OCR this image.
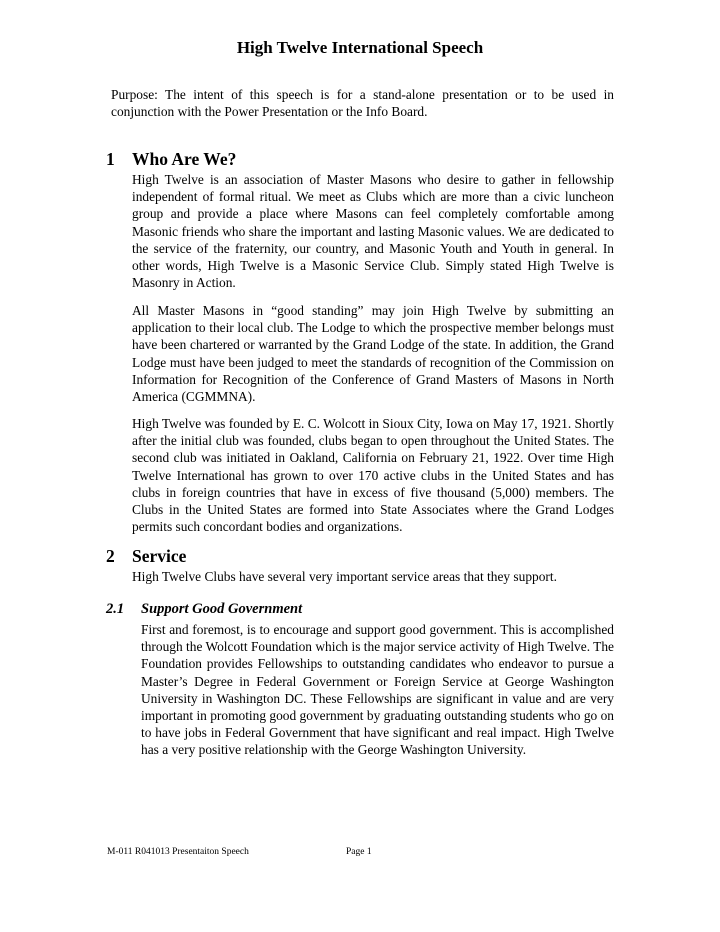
High Twelve International Speech
Purpose: The intent of this speech is for a stand-alone presentation or to be used in conjunction with the Power Presentation or the Info Board.
1 Who Are We?
High Twelve is an association of Master Masons who desire to gather in fellowship independent of formal ritual. We meet as Clubs which are more than a civic luncheon group and provide a place where Masons can feel completely comfortable among Masonic friends who share the important and lasting Masonic values. We are dedicated to the service of the fraternity, our country, and Masonic Youth and Youth in general. In other words, High Twelve is a Masonic Service Club. Simply stated High Twelve is Masonry in Action.
All Master Masons in “good standing” may join High Twelve by submitting an application to their local club. The Lodge to which the prospective member belongs must have been chartered or warranted by the Grand Lodge of the state. In addition, the Grand Lodge must have been judged to meet the standards of recognition of the Commission on Information for Recognition of the Conference of Grand Masters of Masons in North America (CGMMNA).
High Twelve was founded by E. C. Wolcott in Sioux City, Iowa on May 17, 1921. Shortly after the initial club was founded, clubs began to open throughout the United States. The second club was initiated in Oakland, California on February 21, 1922. Over time High Twelve International has grown to over 170 active clubs in the United States and has clubs in foreign countries that have in excess of five thousand (5,000) members. The Clubs in the United States are formed into State Associates where the Grand Lodges permits such concordant bodies and organizations.
2 Service
High Twelve Clubs have several very important service areas that they support.
2.1 Support Good Government
First and foremost, is to encourage and support good government. This is accomplished through the Wolcott Foundation which is the major service activity of High Twelve. The Foundation provides Fellowships to outstanding candidates who endeavor to pursue a Master’s Degree in Federal Government or Foreign Service at George Washington University in Washington DC. These Fellowships are significant in value and are very important in promoting good government by graduating outstanding students who go on to have jobs in Federal Government that have significant and real impact. High Twelve has a very positive relationship with the George Washington University.
M-011 R041013 Presentaiton Speech	Page 1
